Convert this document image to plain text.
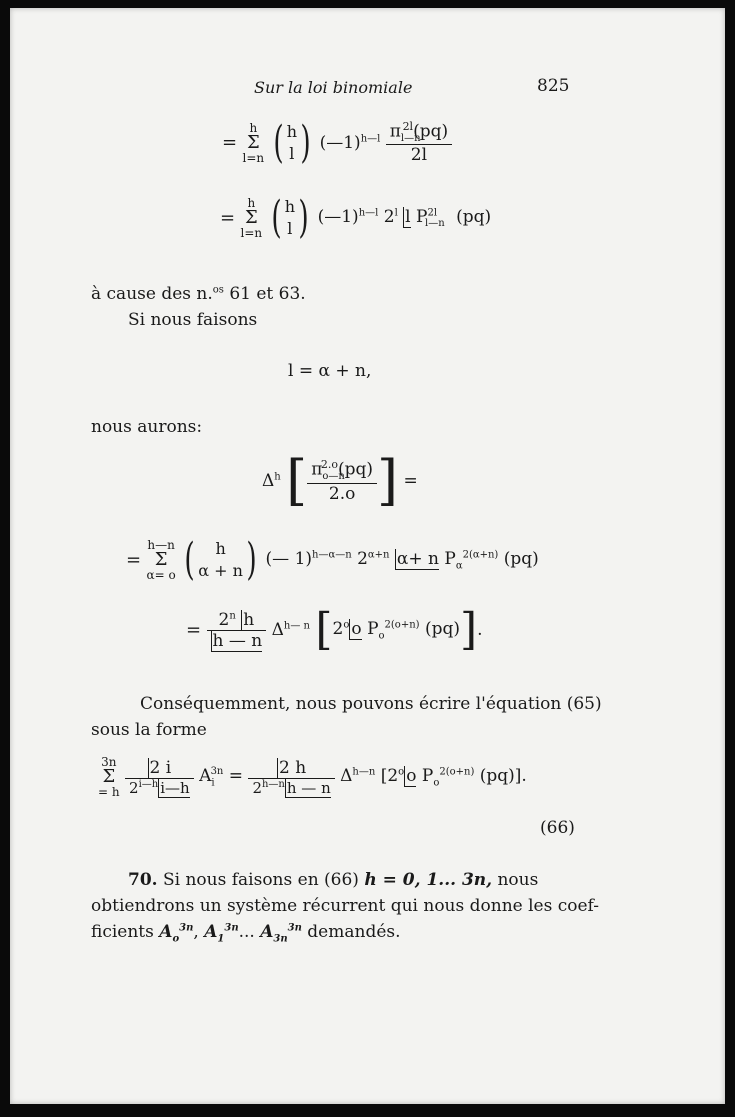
Sur la loi binomiale	825
= h
Σ
l=n ( h
l ) (—1)$^{h—l}$ $\frac{\pi_{l—n}^{2l}(pq)}{2l}$
= h
Σ
l=n ( h
l ) (—1)$^{h—l}$ 2$^l$ l $P^{2l}_{l—n}$ (pq)
à cause des n.$^{os}$ 61 et 63.
Si nous faisons
l = α + n,
nous aurons:
$\Delta^h$ [ $\frac{\pi_{o—n}^{2.o}(pq)}{2.o}$ ] =
= h—n
Σ
α= o ( h
α + n) (— 1)$^{h—\alpha—n}$ $2^{\alpha+n}$ α+ n $P_\alpha^{2(\alpha+n)}$ (pq)
= $\frac{2^n h}{h — n} \Delta^{h— n}$ [2$^o$ o $P_o^{2(o+n)}$ (pq)].
Conséquemment, nous pouvons écrire l'équation (65)
sous la forme
3n
Σ
= h $\frac{2 i}{2^{i—h} i—h} A_i^{3n} = \frac{2 h}{2^{h—n} h — n} \Delta^{h—n}$ [2$^o$ o $P_o^{2(o+n)}$ (pq)].
(66)
70. Si nous faisons en (66) h = 0, 1... 3n, nous
obtiendrons un système récurrent qui nous donne les coef-
ficients $A_o^{3n}$, $A_1^{3n}$... $A_{3n}^{3n}$ demandés.
